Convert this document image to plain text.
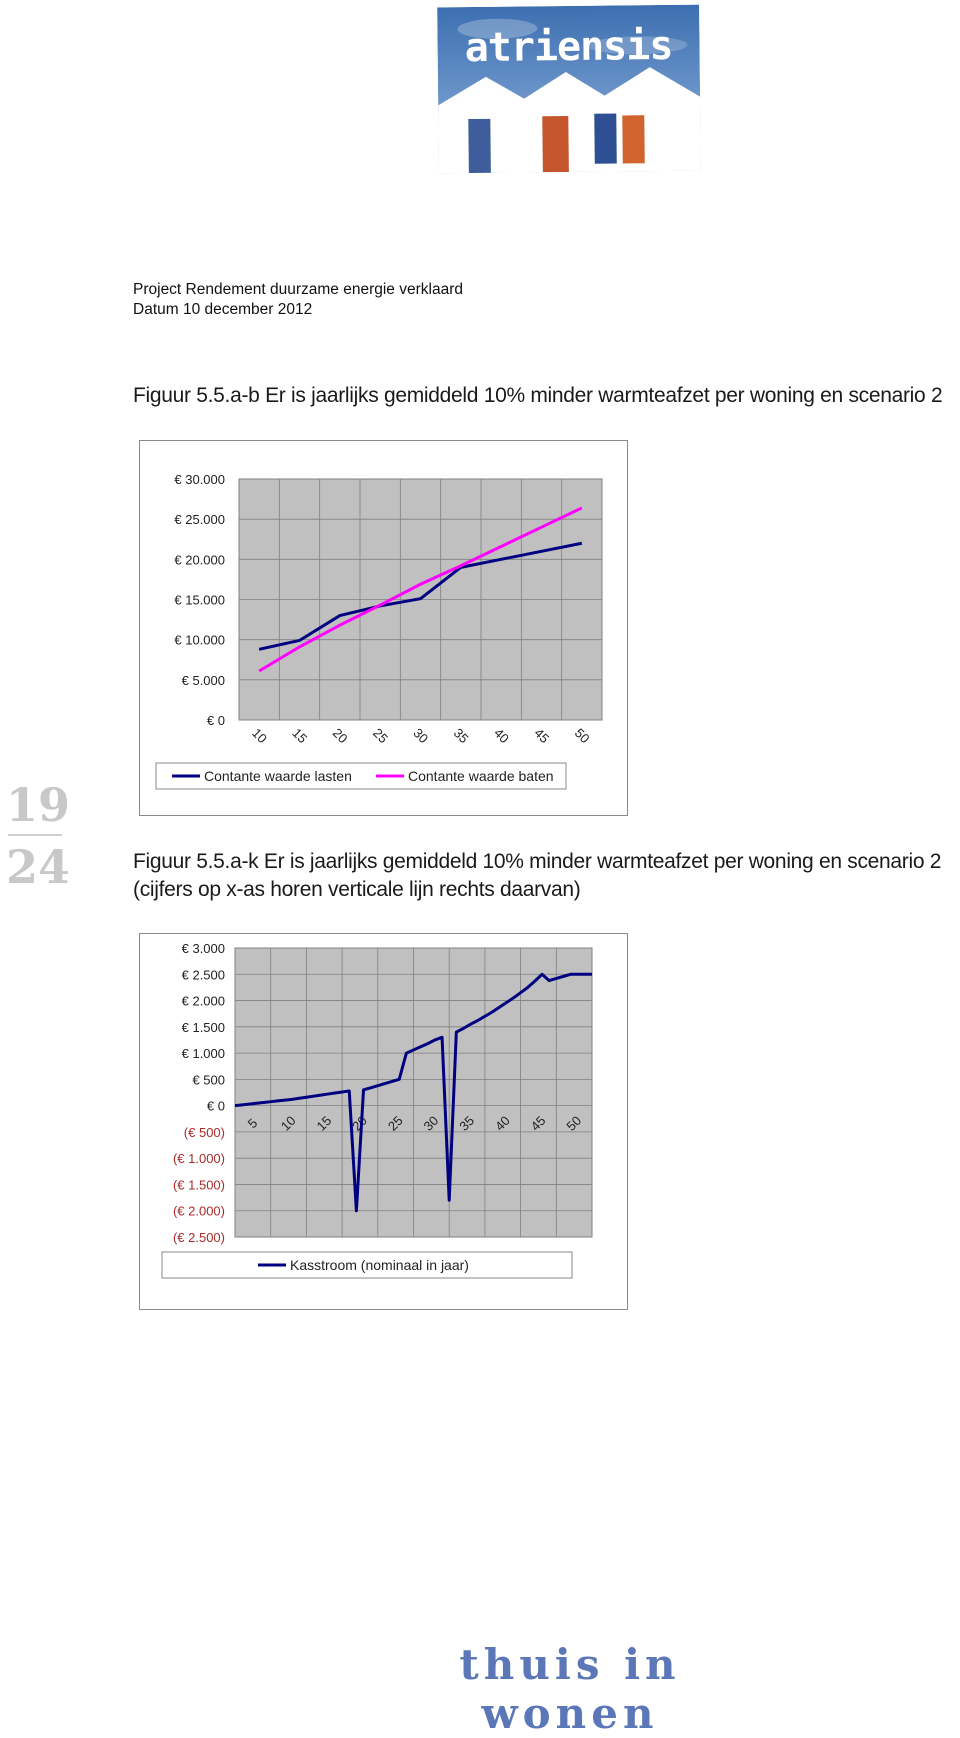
atriensis
Project Rendement duurzame energie verklaard
Datum 10 december 2012
19
24
Figuur 5.5.a-b Er is jaarlijks gemiddeld 10% minder warmteafzet per woning en scenario 2
€ 0
€ 5.000
€ 10.000
€ 15.000
€ 20.000
€ 25.000
€ 30.000
10 15 20 25 30 35 40 45 50
Contante waarde lasten	Contante waarde baten
Figuur 5.5.a-k Er is jaarlijks gemiddeld 10% minder warmteafzet per woning en scenario 2
(cijfers op x-as horen verticale lijn rechts daarvan)
(€ 2.500)
(€ 2.000)
(€ 1.500)
(€ 1.000)
(€ 500)
€ 0
€ 500
€ 1.000
€ 1.500
€ 2.000
€ 2.500
€ 3.000
5 10 15 20 25 30 35 40 45 50
Kasstroom (nominaal in jaar)
thuis in wonen
